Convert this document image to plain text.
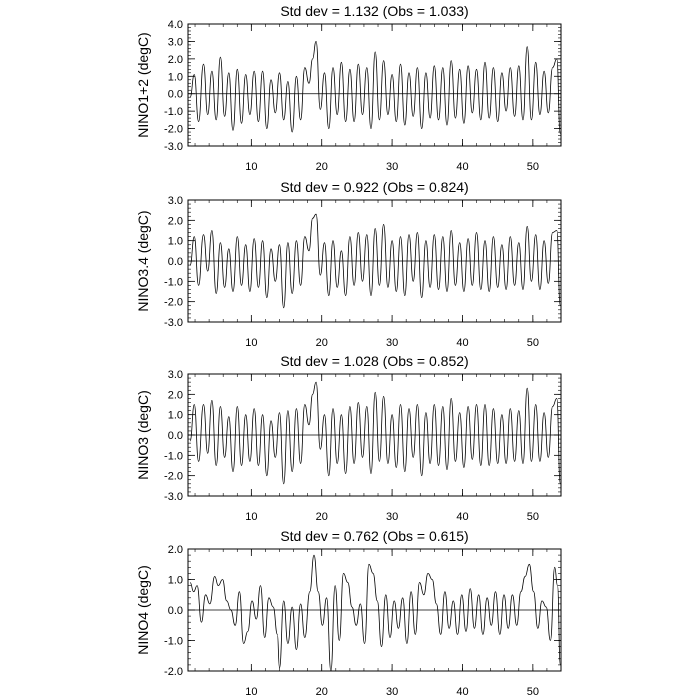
Std dev = 1.132 (Obs = 1.033)
NINO1+2 (degC)
-3.0
-2.0
-1.0
0.0
1.0
2.0
3.0
4.0
10	20	30	40	50
Std dev = 0.922 (Obs = 0.824)
NINO3.4 (degC)
-3.0
-2.0
-1.0
0.0
1.0
2.0
3.0
10	20	30	40	50
Std dev = 1.028 (Obs = 0.852)
NINO3 (degC)
-3.0
-2.0
-1.0
0.0
1.0
2.0
3.0
10	20	30	40	50
Std dev = 0.762 (Obs = 0.615)
NINO4 (degC)
-2.0
-1.0
0.0
1.0
2.0
10	20	30	40	50
